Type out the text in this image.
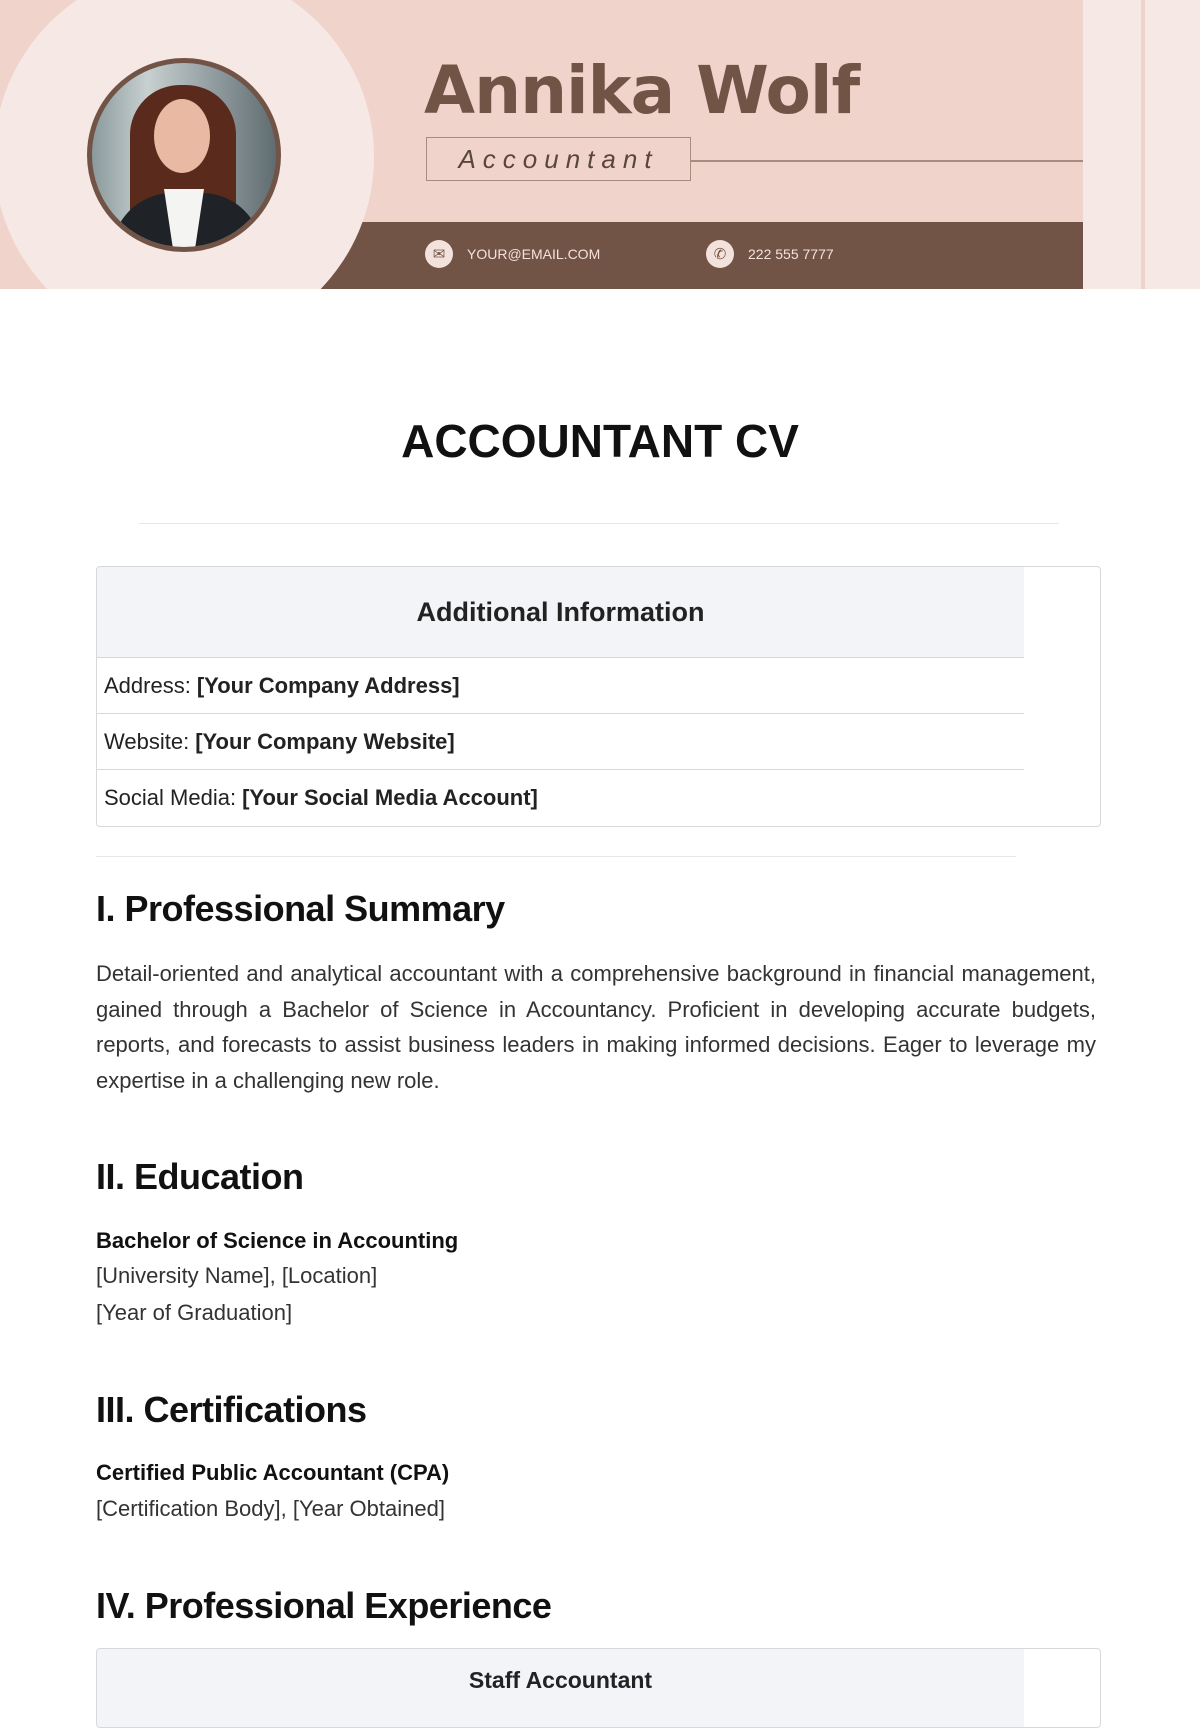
Annika Wolf
Accountant
✉	YOUR@EMAIL.COM	✆	222 555 7777
ACCOUNTANT CV
Additional Information
Address: [Your Company Address]
Website: [Your Company Website]
Social Media: [Your Social Media Account]
I. Professional Summary
Detail-oriented and analytical accountant with a comprehensive background in financial management, gained through a Bachelor of Science in Accountancy. Proficient in developing accurate budgets, reports, and forecasts to assist business leaders in making informed decisions. Eager to leverage my expertise in a challenging new role.
II. Education
Bachelor of Science in Accounting
[University Name], [Location]
[Year of Graduation]
III. Certifications
Certified Public Accountant (CPA)
[Certification Body], [Year Obtained]
IV. Professional Experience
Staff Accountant
